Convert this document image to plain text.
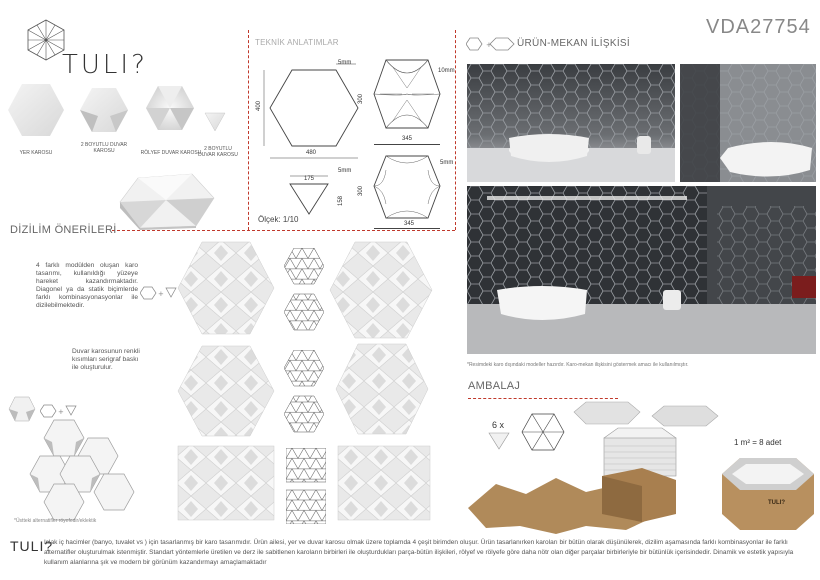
TULI?
YER KAROSU
2 BOYUTLU DUVAR KAROSU	RÖLYEF DUVAR KAROSU
2 BOYUTLU DUVAR KAROSU
TEKNİK ANLATIMLAR
5mm
400
480
10mm
300
345
175
5mm
158
Ölçek: 1/10
5mm
300
345
VDA27754
+	ÜRÜN-MEKAN İLİŞKİSİ
*Resimdeki karo dışındaki modeller hazırdır. Karo-mekan ilişkisini göstermek amacı ile kullanılmıştır.
DİZİLİM ÖNERİLERİ
4 farklı modülden oluşan karo tasarımı, kullanıldığı yüzeye hareket kazandırmaktadır. Diagonel ya da statik biçimlerde farklı kombinasyonasyonlar ile dizilebilmektedir.
+
Duvar karosunun renkli kısımları serigraf baskı ile oluşturulur.
+
*Üstteki alternatifler röyefedir/eklektik
AMBALAJ
6 x
1 m² = 8 adet
TULI?
TULI?
Islak iç hacimler (banyo, tuvalet vs ) için tasarlanmış bir karo tasarımıdır. Ürün ailesi, yer ve duvar karosu olmak üzere toplamda 4 çeşit birimden oluşur. Ürün tasarlanırken karoları bir bütün olarak düşünülerek, dizilim aşamasında farklı kombinasyonlar ile farklı alternatifler oluşturulmak istenmiştir. Standart yöntemlerle üretilen ve derz ile sabitlenen karoların birbirleri ile oluşturdukları parça-bütün ilişkileri, rölyef ve rölyefe göre daha nötr olan diğer parçalar birbirleriyle bir bütünlük içerisindedir. Dinamik ve estetik yapısıyla kullanım alanlarına şık ve modern bir görünüm kazandırmayı amaçlamaktadır
